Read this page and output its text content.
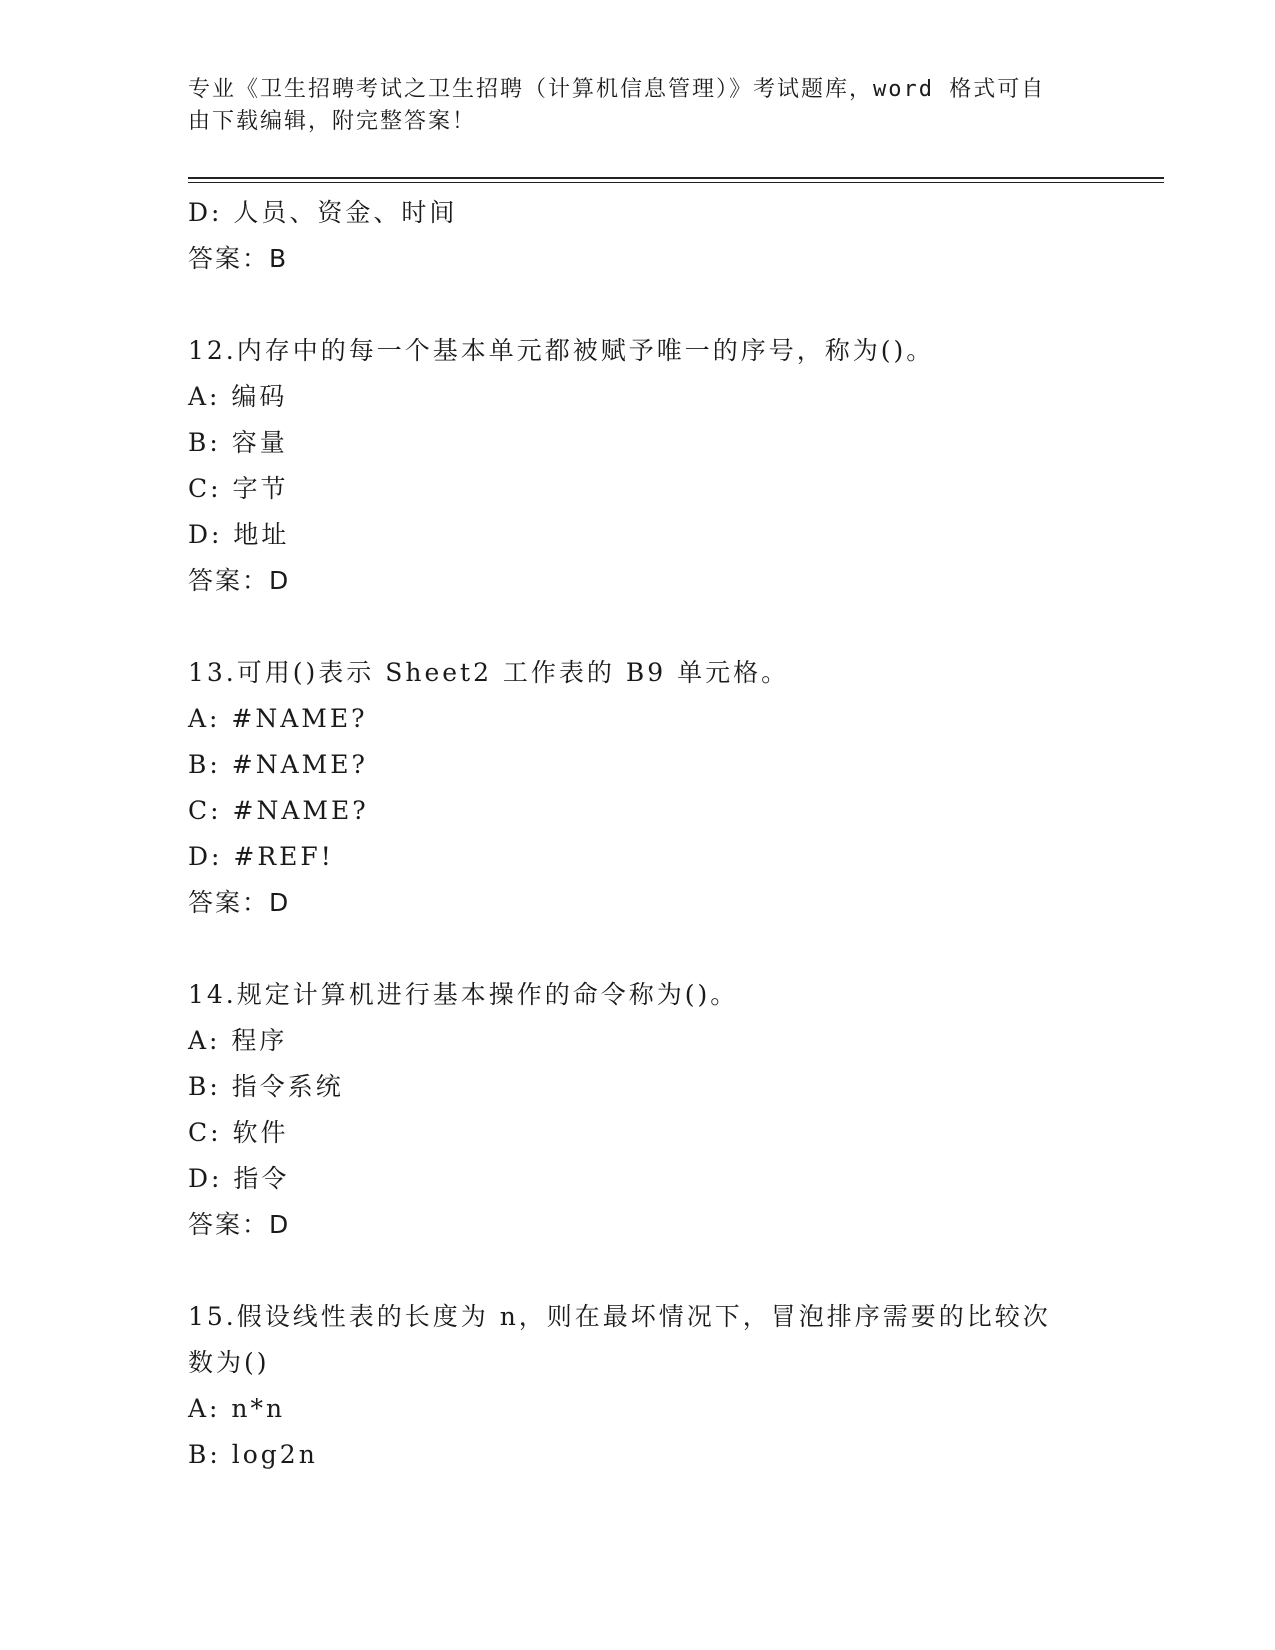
专业《卫生招聘考试之卫生招聘（计算机信息管理）》考试题库，word 格式可自由下载编辑，附完整答案！
D: 人员、资金、时间
答案：B
12.内存中的每一个基本单元都被赋予唯一的序号，称为()。
A: 编码
B: 容量
C: 字节
D: 地址
答案：D
13.可用()表示 Sheet2 工作表的 B9 单元格。
A: #NAME?
B: #NAME?
C: #NAME?
D: #REF!
答案：D
14.规定计算机进行基本操作的命令称为()。
A: 程序
B: 指令系统
C: 软件
D: 指令
答案：D
15.假设线性表的长度为 n，则在最坏情况下，冒泡排序需要的比较次
数为()
A: n*n
B: log2n
